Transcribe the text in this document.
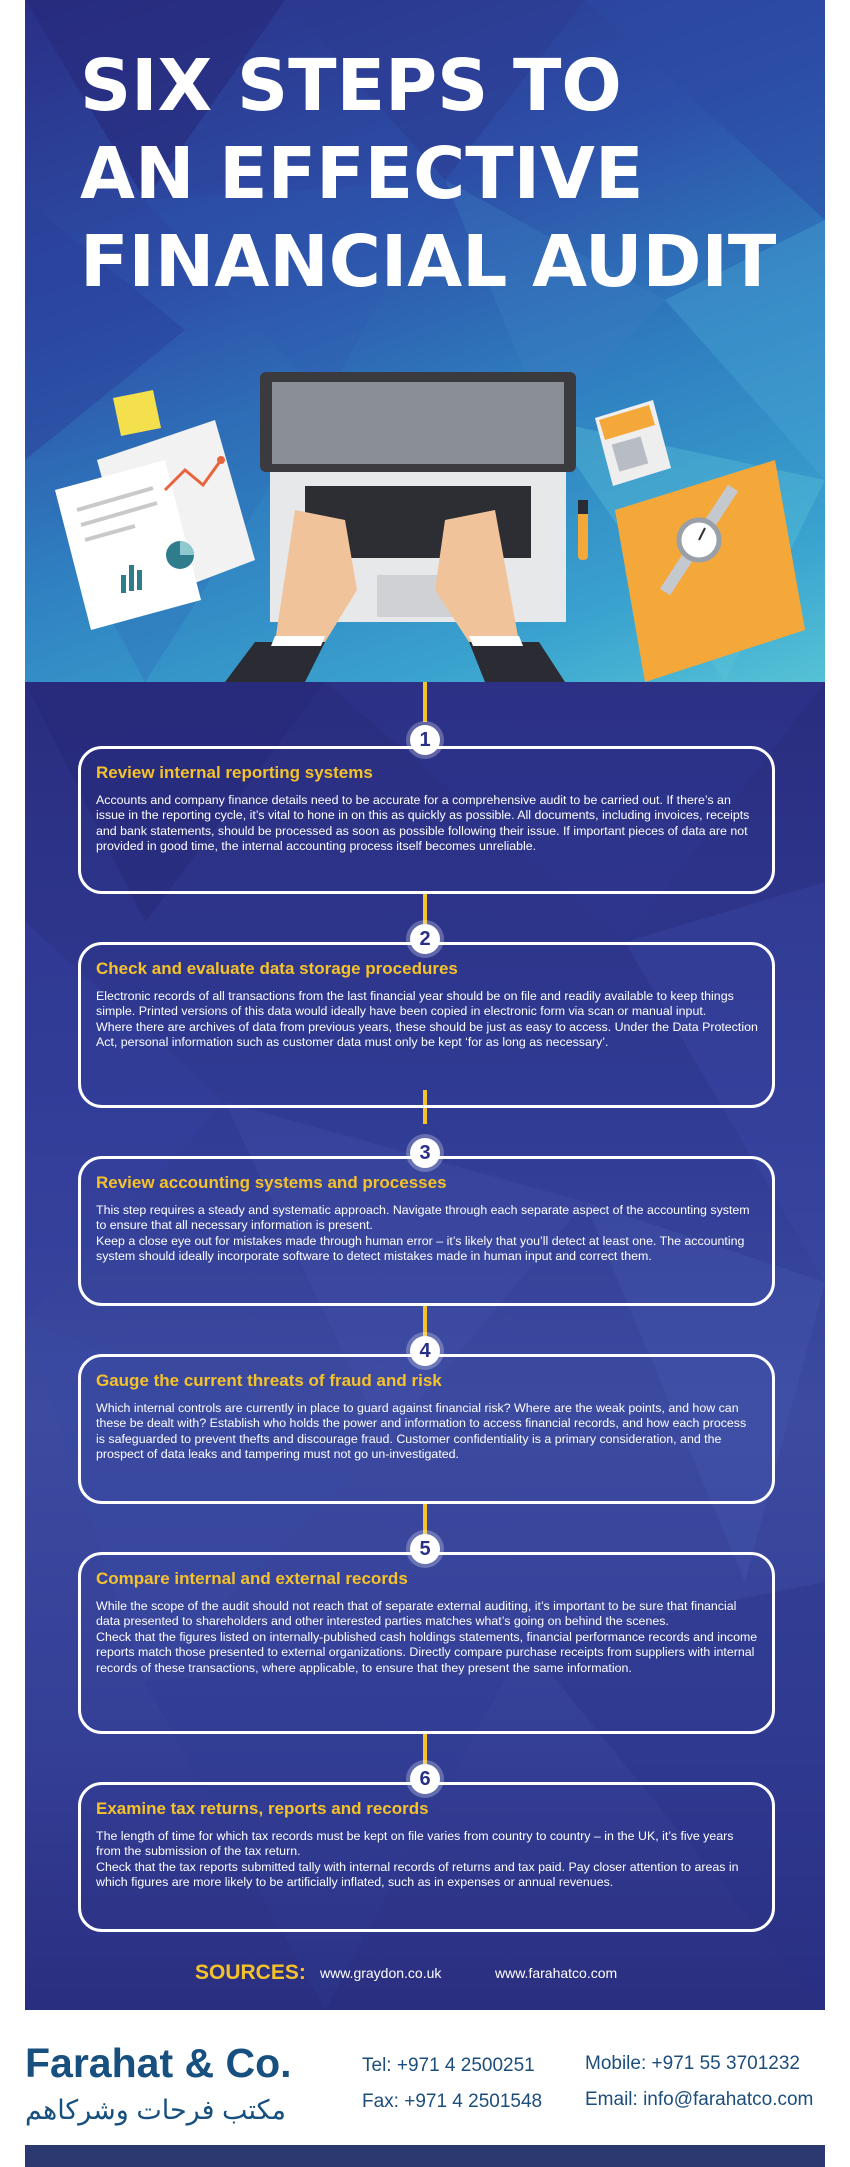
SIX STEPS TO
AN EFFECTIVE
FINANCIAL AUDIT
Review internal reporting systems

Accounts and company finance details need to be accurate for a comprehensive audit to be carried out. If there’s an issue in the reporting cycle, it’s vital to hone in on this as quickly as possible. All documents, including invoices, receipts and bank statements, should be processed as soon as possible following their issue. If important pieces of data are not provided in good time, the internal accounting process itself becomes unreliable.

1
Check and evaluate data storage procedures

Electronic records of all transactions from the last financial year should be on file and readily available to keep things simple. Printed versions of this data would ideally have been copied in electronic form via scan or manual input.
Where there are archives of data from previous years, these should be just as easy to access. Under the Data Protection Act, personal information such as customer data must only be kept ‘for as long as necessary’.

2
Review accounting systems and processes

This step requires a steady and systematic approach. Navigate through each separate aspect of the accounting system to ensure that all necessary information is present.
Keep a close eye out for mistakes made through human error – it’s likely that you’ll detect at least one. The accounting system should ideally incorporate software to detect mistakes made in human input and correct them.

3
Gauge the current threats of fraud and risk

Which internal controls are currently in place to guard against financial risk? Where are the weak points, and how can these be dealt with? Establish who holds the power and information to access financial records, and how each process is safeguarded to prevent thefts and discourage fraud. Customer confidentiality is a primary consideration, and the prospect of data leaks and tampering must not go un-investigated.

4
Compare internal and external records

While the scope of the audit should not reach that of separate external auditing, it’s important to be sure that financial data presented to shareholders and other interested parties matches what’s going on behind the scenes.
Check that the figures listed on internally-published cash holdings statements, financial performance records and income reports match those presented to external organizations. Directly compare purchase receipts from suppliers with internal records of these transactions, where applicable, to ensure that they present the same information.

5
Examine tax returns, reports and records

The length of time for which tax records must be kept on file varies from country to country – in the UK, it’s five years from the submission of the tax return.
Check that the tax reports submitted tally with internal records of returns and tax paid. Pay closer attention to areas in which figures are more likely to be artificially inflated, such as in expenses or annual revenues.

6
SOURCES: www.graydon.co.uk	www.farahatco.com
Farahat & Co.
مكتب فرحات وشركاهم
Tel: +971 4 2500251
Fax: +971 4 2501548
Mobile: +971 55 3701232
Email: info@farahatco.com
